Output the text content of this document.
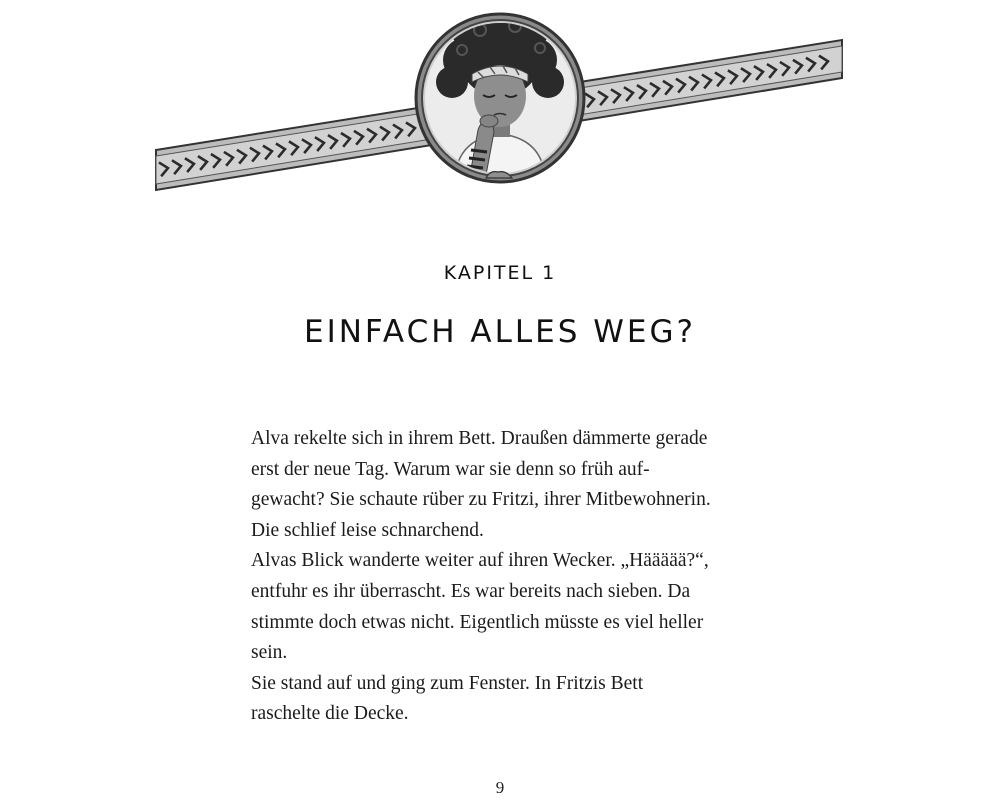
KAPITEL 1
EINFACH ALLES WEG?
Alva rekelte sich in ihrem Bett. Draußen dämmerte gerade
erst der neue Tag. Warum war sie denn so früh auf-
gewacht? Sie schaute rüber zu Fritzi, ihrer Mitbewohnerin.
Die schlief leise schnarchend.
Alvas Blick wanderte weiter auf ihren Wecker. „Häääää?“,
entfuhr es ihr überrascht. Es war bereits nach sieben. Da
stimmte doch etwas nicht. Eigentlich müsste es viel heller
sein.
Sie stand auf und ging zum Fenster. In Fritzis Bett
raschelte die Decke.
9
